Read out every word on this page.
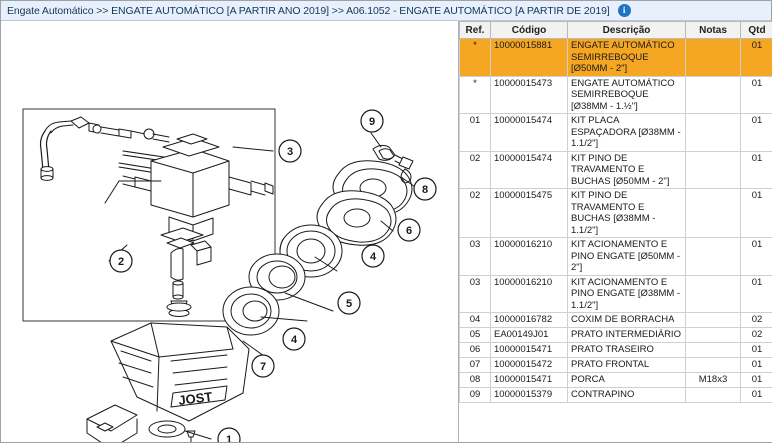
Engate Automático >> ENGATE AUTOMÁTICO [A PARTIR ANO 2019] >> A06.1052 - ENGATE AUTOMÁTICO [A PARTIR DE 2019]	i
JOST
1
2
3
4
4
5
6
8
7
9
Ref.	Código	Descrição	Notas	Qtd
*	10000015881	ENGATE AUTOMÁTICO SEMIRREBOQUE [Ø50MM - 2"]		01
*	10000015473	ENGATE AUTOMÁTICO SEMIRREBOQUE [Ø38MM - 1.½"]		01
01	10000015474	KIT PLACA ESPAÇADORA [Ø38MM - 1.1/2"]		01
02	10000015474	KIT PINO DE TRAVAMENTO E BUCHAS [Ø50MM - 2"]		01
02	10000015475	KIT PINO DE TRAVAMENTO E BUCHAS [Ø38MM - 1.1/2"]		01
03	10000016210	KIT ACIONAMENTO E PINO ENGATE [Ø50MM - 2"]		01
03	10000016210	KIT ACIONAMENTO E PINO ENGATE [Ø38MM - 1.1/2"]		01
04	10000016782	COXIM DE BORRACHA		02
05	EA00149J01	PRATO INTERMEDIÁRIO		02
06	10000015471	PRATO TRASEIRO		01
07	10000015472	PRATO FRONTAL		01
08	10000015471	PORCA	M18x3	01
09	10000015379	CONTRAPINO		01
